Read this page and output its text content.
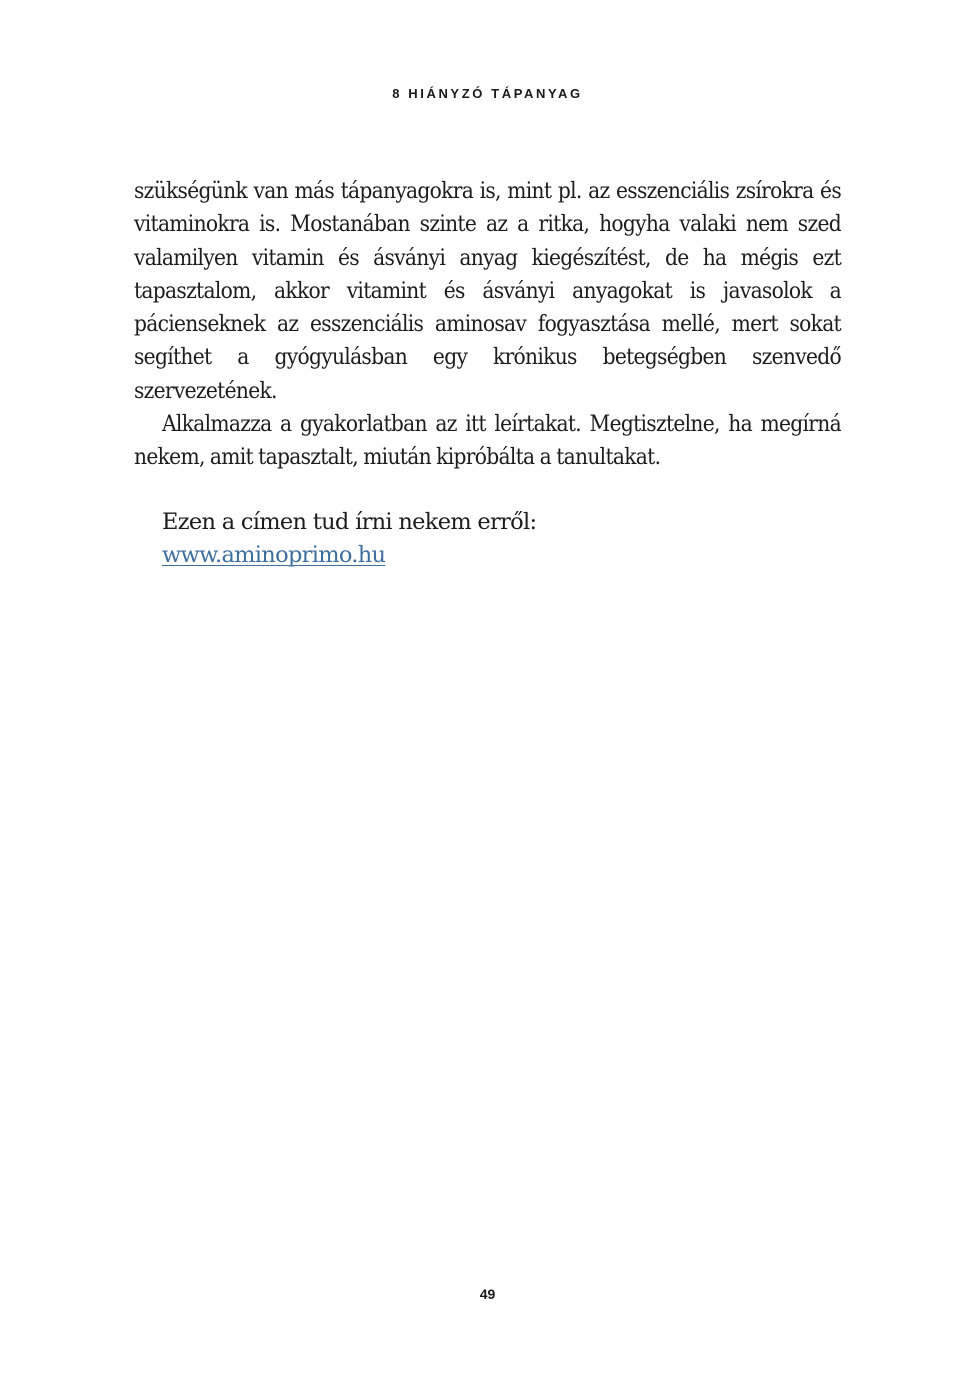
8 HIÁNYZÓ TÁPANYAG

szükségünk van más tápanyagokra is, mint pl. az esszenciális zsírokra és vitaminokra is. Mostanában szinte az a ritka, hogyha valaki nem szed valamilyen vitamin és ásványi anyag kiegészítést, de ha mégis ezt tapasztalom, akkor vitamint és ásványi anyagokat is javasolok a pácienseknek az esszenciális aminosav fogyasztása mellé, mert sokat segíthet a gyógyulásban egy krónikus betegségben szenvedő szervezetének.

Alkalmazza a gyakorlatban az itt leírtakat. Megtisztelne, ha megírná nekem, amit tapasztalt, miután kipróbálta a tanultakat.

Ezen a címen tud írni nekem erről:
www.aminoprimo.hu
49
